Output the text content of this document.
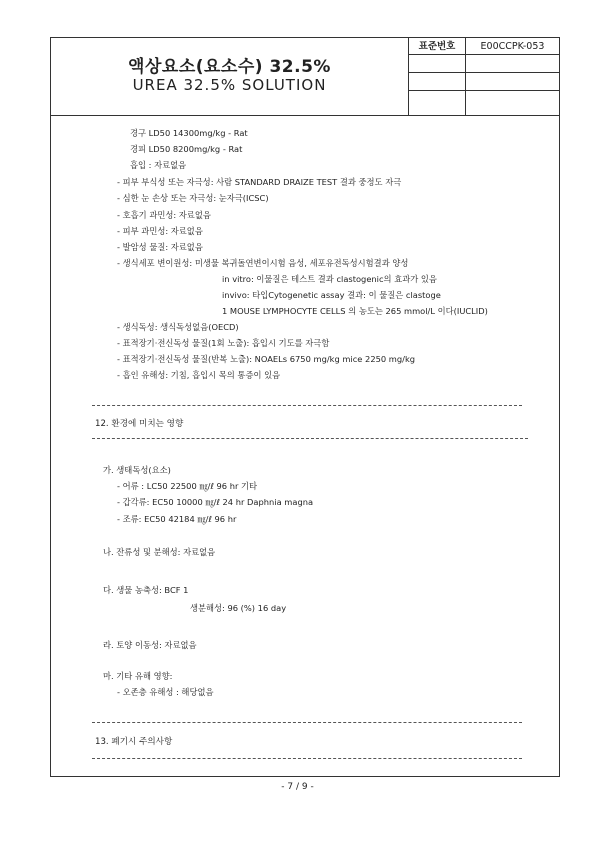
액상요소(요소수) 32.5%
UREA 32.5% SOLUTION
표준번호	E00CCPK-053
경구 LD50 14300mg/kg - Rat
경피 LD50 8200mg/kg - Rat
흡입 : 자료없음
- 피부 부식성 또는 자극성: 사람 STANDARD DRAIZE TEST 결과 중정도 자극
- 심한 눈 손상 또는 자극성: 눈자극(ICSC)
- 호흡기 과민성: 자료없음
- 피부 과민성: 자료없음
- 발암성 물질: 자료없음
- 생식세포 변이원성: 미생물 복귀돌연변이시험 음성, 세포유전독성시험결과 양성
in vitro: 이물질은 테스트 결과 clastogenic의 효과가 있음
invivo: 타입Cytogenetic assay 결과: 이 물질은 clastoge
1 MOUSE LYMPHOCYTE CELLS 의 농도는 265 mmol/L 이다(IUCLID)
- 생식독성: 생식독성없음(OECD)
- 표적장기·전신독성 물질(1회 노출): 흡입시 기도를 자극함
- 표적장기·전신독성 물질(반복 노출): NOAELs 6750 mg/kg mice 2250 mg/kg
- 흡인 유해성: 기침, 흡입시 목의 통증이 있음
12. 환경에 미치는 영향
가. 생태독성(요소)
- 어류 : LC50 22500 ㎎/ℓ 96 hr 기타
- 갑각류: EC50 10000 ㎎/ℓ 24 hr Daphnia magna
- 조류: EC50 42184 ㎎/ℓ 96 hr
나. 잔류성 및 분해성: 자료없음
다. 생물 농축성: BCF 1
생분해성: 96 (%) 16 day
라. 토양 이동성: 자료없음
마. 기타 유해 영향:
- 오존층 유해성 : 해당없음
13. 폐기시 주의사항
- 7 / 9 -
